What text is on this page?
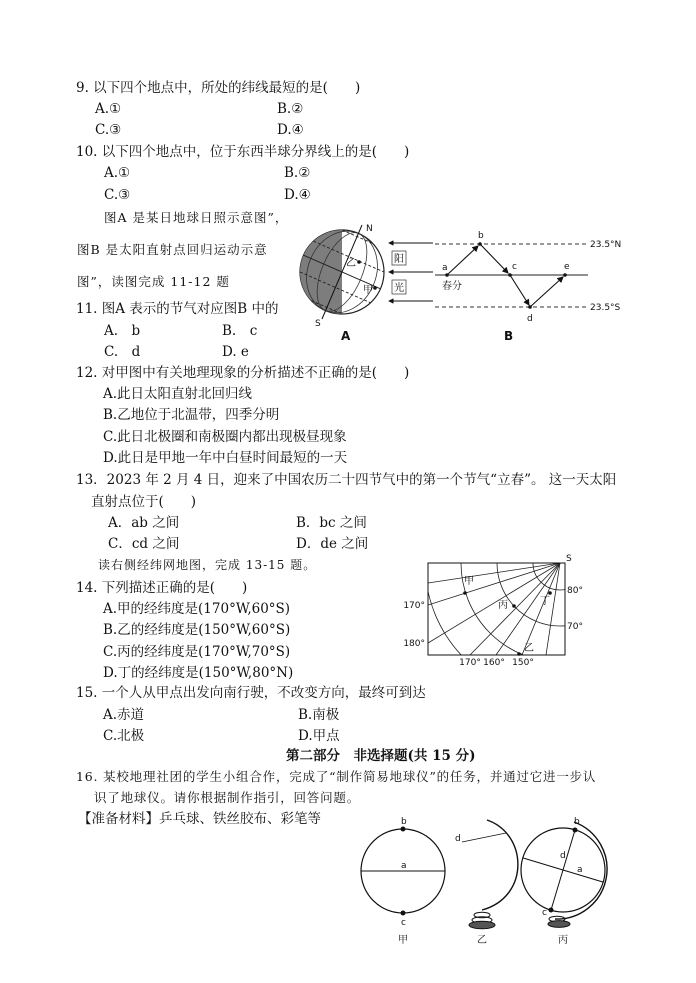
9. 以下四个地点中，所处的纬线最短的是(　　)
A.①	B.②
C.③	D.④
10. 以下四个地点中，位于东西半球分界线上的是(　　)
A.①	B.②
C.③	D.④
图A 是某日地球日照示意图”，
图B 是太阳直射点回归运动示意
图”，读图完成 11-12 题
N
S
乙
甲
阳
光
A
23.5°N
23.5°S
a
b
c
d
e
春分
B
11. 图A 表示的节气对应图B 中的
A.　b	B.　c
C.　d	D. e
12. 对甲图中有关地理现象的分析描述不正确的是(　　)
A.此日太阳直射北回归线
B.乙地位于北温带，四季分明
C.此日北极圈和南极圈内都出现极昼现象
D.此日是甲地一年中白昼时间最短的一天
13．2023 年 2 月 4 日，迎来了中国农历二十四节气中的第一个节气“立春”。 这一天太阳
直射点位于(　　)
A．ab 之间	B．bc 之间
C．cd 之间	D．de 之间
读右侧经纬网地图，完成 13-15 题。	S
80°
70°
170°
180°
170° 160° 150°
甲
丙	丁
乙
14. 下列描述正确的是(　　)
A.甲的经纬度是(170°W,60°S)
B.乙的经纬度是(150°W,60°S)
C.丙的经纬度是(170°W,70°S)
D.丁的经纬度是(150°W,80°N)
15. 一个人从甲点出发向南行驶，不改变方向，最终可到达
A.赤道	B.南极
C.北极	D.甲点
第二部分　非选择题(共 15 分)
16. 某校地理社团的学生小组合作，完成了“制作简易地球仪”的任务，并通过它进一步认
识了地球仪。请你根据制作指引，回答问题。
【准备材料】乒乓球、铁丝胶布、彩笔等
a
b
c
甲
d
乙
b
c
a
d
丙
